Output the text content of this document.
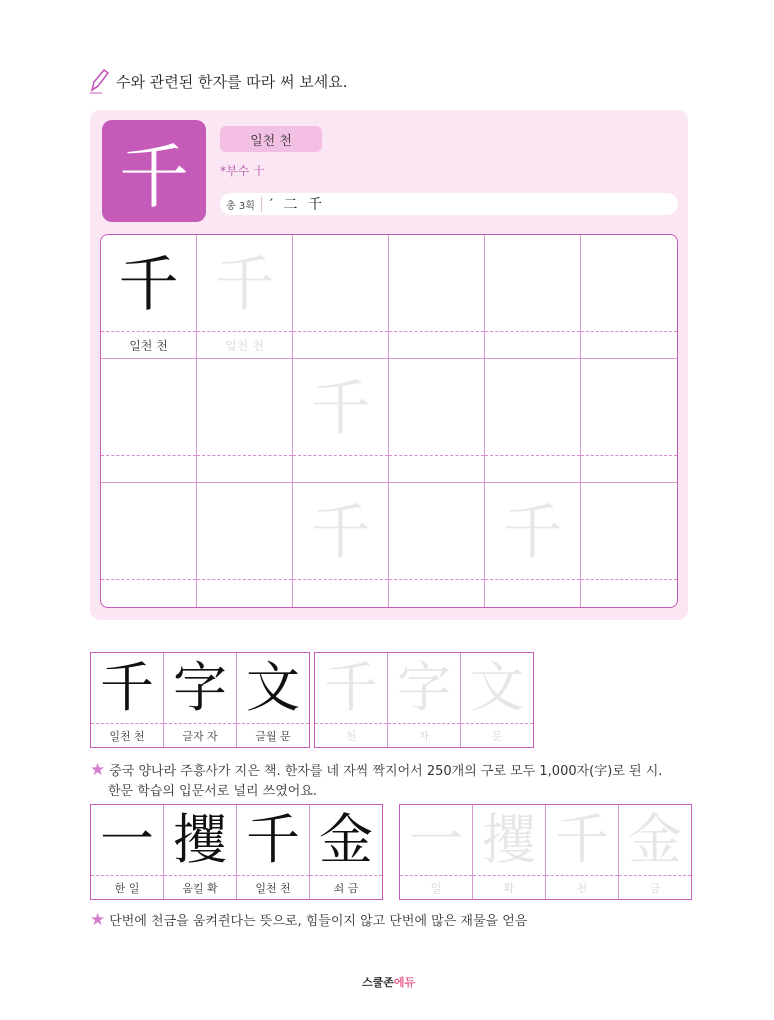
수와 관련된 한자를 따라 써 보세요.
千	일천 천
*부수 十
총 3획	′ 二 千
千
일천 천
千
일천 천
千
千 千
千
일천 천
字
글자 자
文
글월 문
千
천
字
자
文
문
★ 중국 양나라 주흥사가 지은 책. 한자를 네 자씩 짝지어서 250개의 구로 모두 1,000자(字)로 된 시.
한문 학습의 입문서로 널리 쓰였어요.
一
한 일
攫
움킬 확
千
일천 천
金
쇠 금
一
일
攫
확
千
천
金
금
★ 단번에 천금을 움켜쥔다는 뜻으로, 힘들이지 않고 단번에 많은 재물을 얻음
스 쿨 존 에듀
